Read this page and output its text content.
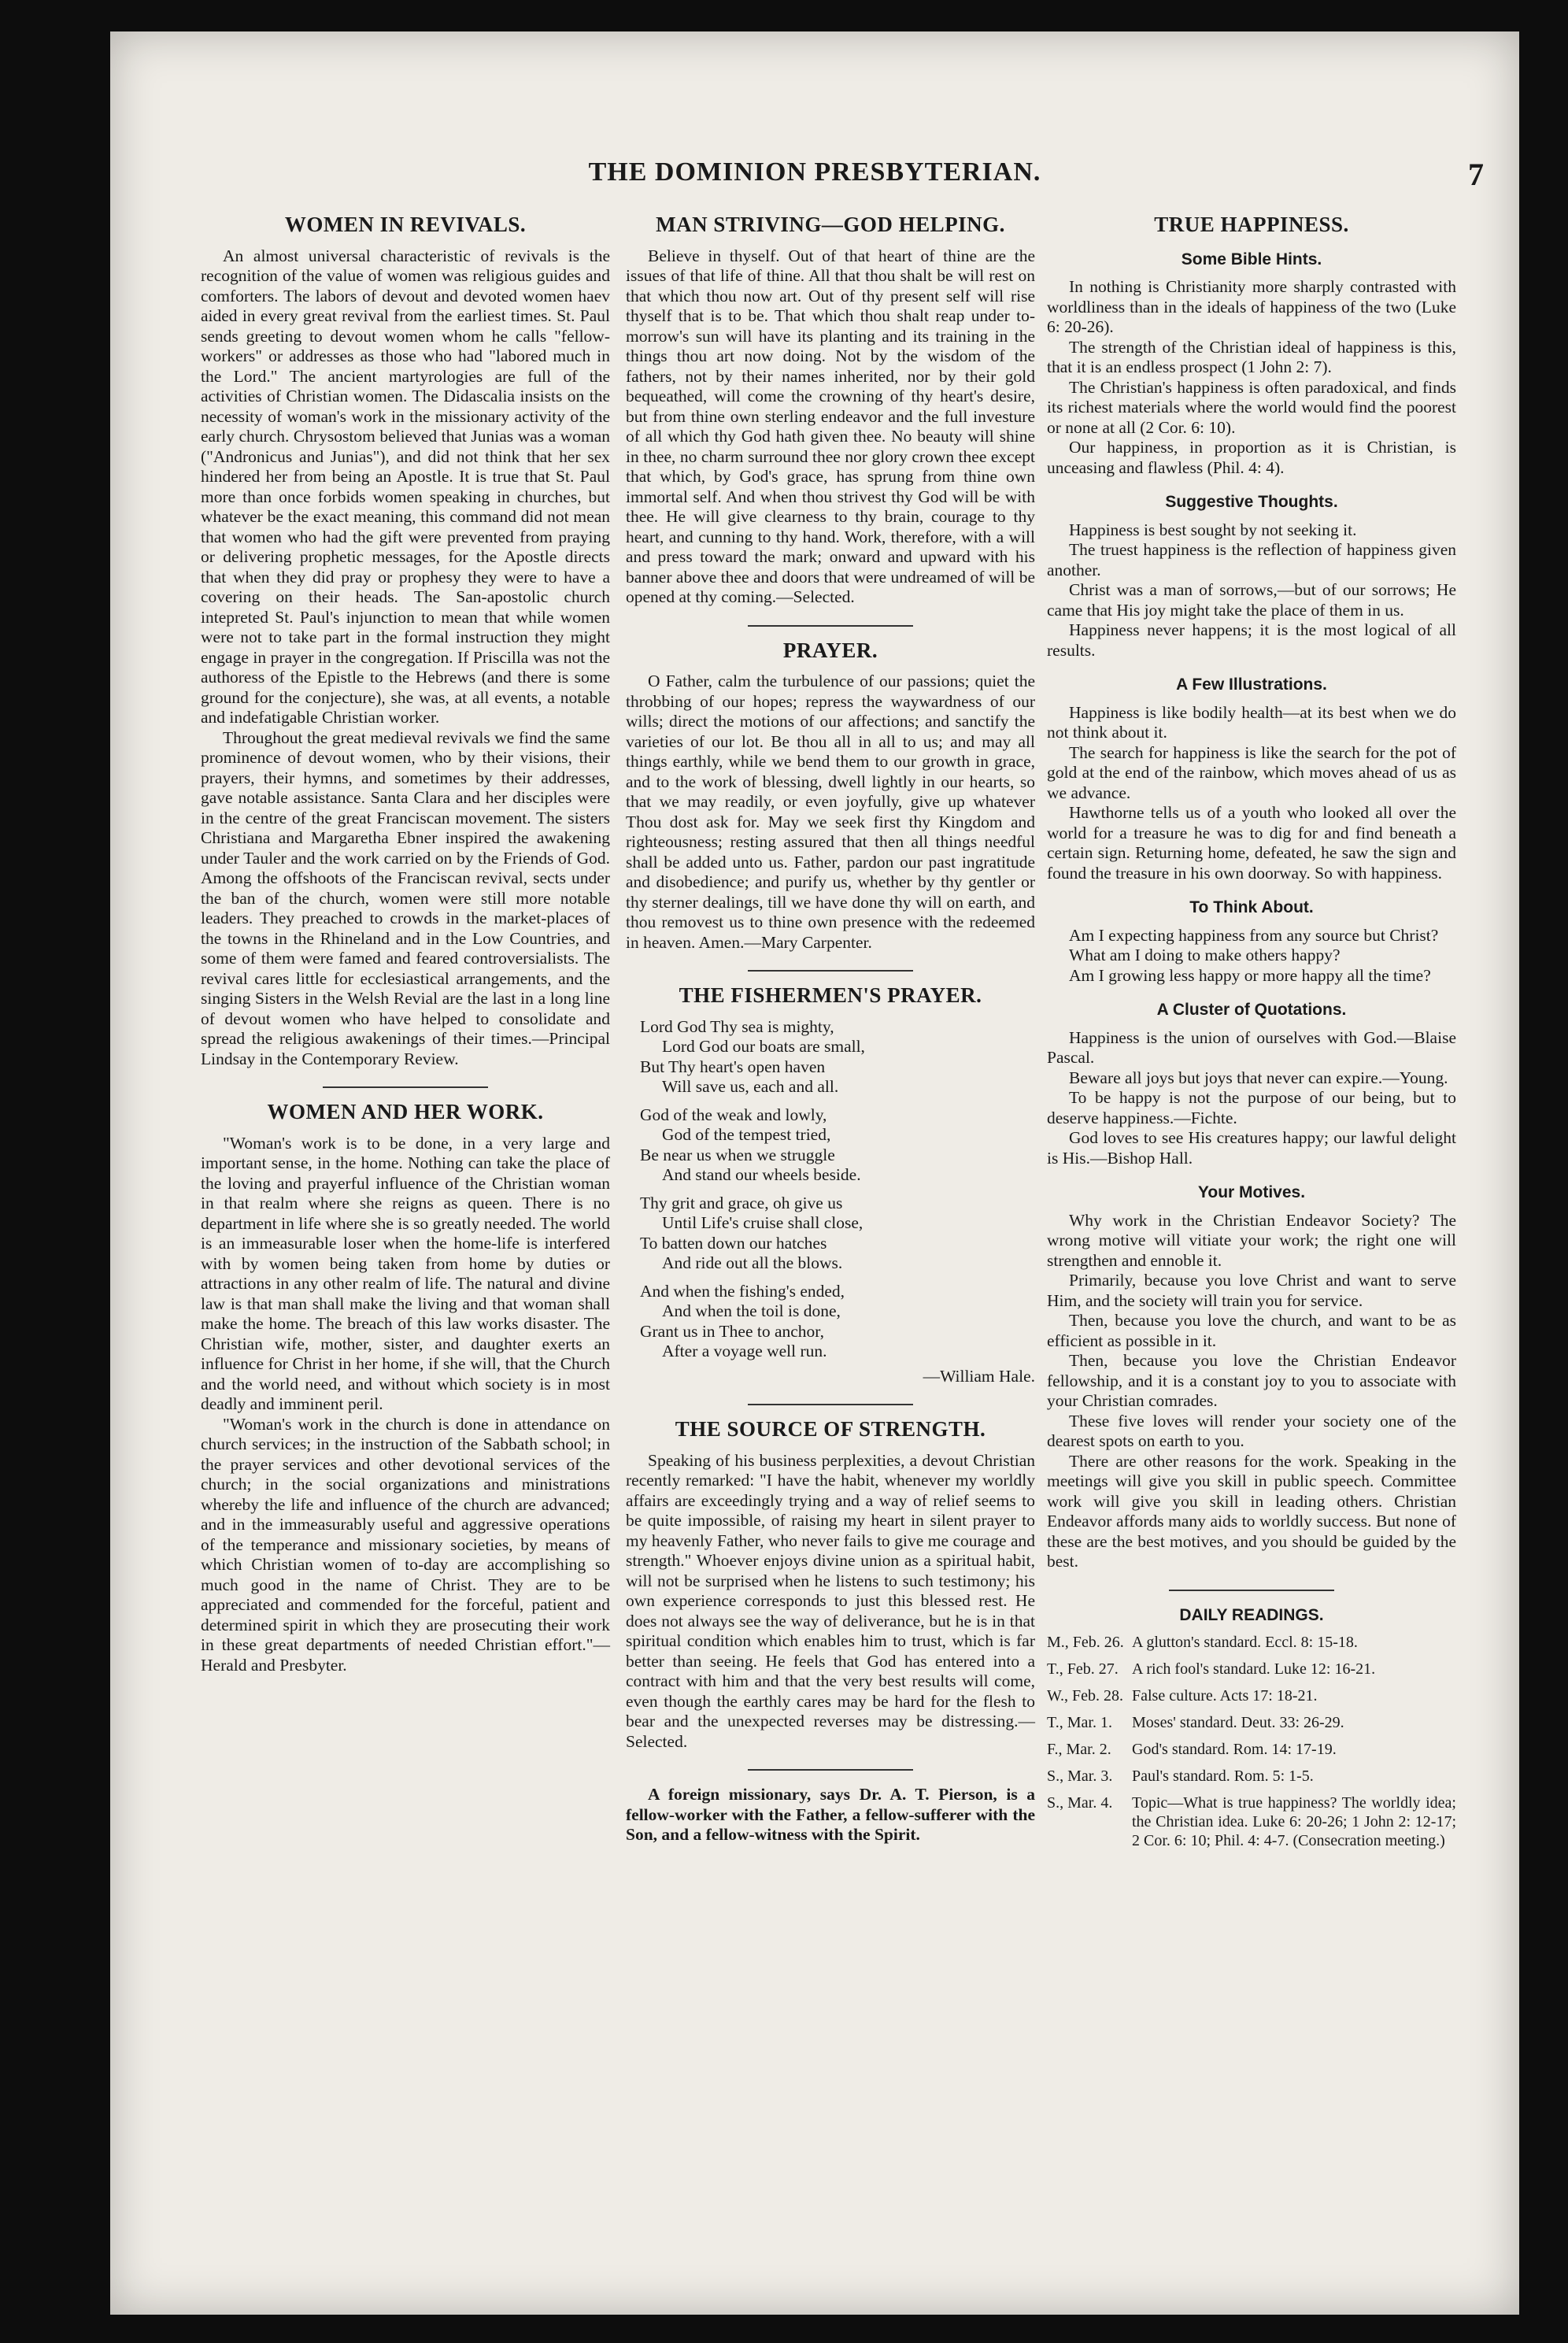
THE DOMINION PRESBYTERIAN.	7
WOMEN IN REVIVALS.

An almost universal characteristic of revivals is the recognition of the value of women was religious guides and comforters. The labors of devout and devoted women haev aided in every great revival from the earliest times. St. Paul sends greeting to devout women whom he calls "fellow-workers" or addresses as those who had "labored much in the Lord." The ancient martyrologies are full of the activities of Christian women. The Didascalia insists on the necessity of woman's work in the missionary activity of the early church. Chrysostom believed that Junias was a woman ("Andronicus and Junias"), and did not think that her sex hindered her from being an Apostle. It is true that St. Paul more than once forbids women speaking in churches, but whatever be the exact meaning, this command did not mean that women who had the gift were prevented from praying or delivering prophetic messages, for the Apostle directs that when they did pray or prophesy they were to have a covering on their heads. The San-apostolic church intepreted St. Paul's injunction to mean that while women were not to take part in the formal instruction they might engage in prayer in the congregation. If Priscilla was not the authoress of the Epistle to the Hebrews (and there is some ground for the conjecture), she was, at all events, a notable and indefatigable Christian worker.

Throughout the great medieval revivals we find the same prominence of devout women, who by their visions, their prayers, their hymns, and sometimes by their addresses, gave notable assistance. Santa Clara and her disciples were in the centre of the great Franciscan movement. The sisters Christiana and Margaretha Ebner inspired the awakening under Tauler and the work carried on by the Friends of God. Among the offshoots of the Franciscan revival, sects under the ban of the church, women were still more notable leaders. They preached to crowds in the market-places of the towns in the Rhineland and in the Low Countries, and some of them were famed and feared controversialists. The revival cares little for ecclesiastical arrangements, and the singing Sisters in the Welsh Revial are the last in a long line of devout women who have helped to consolidate and spread the religious awakenings of their times.—Principal Lindsay in the Contemporary Review.

WOMEN AND HER WORK.

"Woman's work is to be done, in a very large and important sense, in the home. Nothing can take the place of the loving and prayerful influence of the Christian woman in that realm where she reigns as queen. There is no department in life where she is so greatly needed. The world is an immeasurable loser when the home-life is interfered with by women being taken from home by duties or attractions in any other realm of life. The natural and divine law is that man shall make the living and that woman shall make the home. The breach of this law works disaster. The Christian wife, mother, sister, and daughter exerts an influence for Christ in her home, if she will, that the Church and the world need, and without which society is in most deadly and imminent peril.

"Woman's work in the church is done in attendance on church services; in the instruction of the Sabbath school; in the prayer services and other devotional services of the church; in the social organizations and ministrations whereby the life and influence of the church are advanced; and in the immeasurably useful and aggressive operations of the temperance and missionary societies, by means of which Christian women of to-day are accomplishing so much good in the name of Christ. They are to be appreciated and commended for the forceful, patient and determined spirit in which they are prosecuting their work in these great departments of needed Christian effort."—Herald and Presbyter.

MAN STRIVING—GOD HELPING.

Believe in thyself. Out of that heart of thine are the issues of that life of thine. All that thou shalt be will rest on that which thou now art. Out of thy present self will rise thyself that is to be. That which thou shalt reap under to-morrow's sun will have its planting and its training in the things thou art now doing. Not by the wisdom of the fathers, not by their names inherited, nor by their gold bequeathed, will come the crowning of thy heart's desire, but from thine own sterling endeavor and the full investure of all which thy God hath given thee. No beauty will shine in thee, no charm surround thee nor glory crown thee except that which, by God's grace, has sprung from thine own immortal self. And when thou strivest thy God will be with thee. He will give clearness to thy brain, courage to thy heart, and cunning to thy hand. Work, therefore, with a will and press toward the mark; onward and upward with his banner above thee and doors that were undreamed of will be opened at thy coming.—Selected.

PRAYER.

O Father, calm the turbulence of our passions; quiet the throbbing of our hopes; repress the waywardness of our wills; direct the motions of our affections; and sanctify the varieties of our lot. Be thou all in all to us; and may all things earthly, while we bend them to our growth in grace, and to the work of blessing, dwell lightly in our hearts, so that we may readily, or even joyfully, give up whatever Thou dost ask for. May we seek first thy Kingdom and righteousness; resting assured that then all things needful shall be added unto us. Father, pardon our past ingratitude and disobedience; and purify us, whether by thy gentler or thy sterner dealings, till we have done thy will on earth, and thou removest us to thine own presence with the redeemed in heaven. Amen.—Mary Carpenter.

THE FISHERMEN'S PRAYER.
Lord God Thy sea is mighty,
Lord God our boats are small,
But Thy heart's open haven
Will save us, each and all.
God of the weak and lowly,
God of the tempest tried,
Be near us when we struggle
And stand our wheels beside.
Thy grit and grace, oh give us
Until Life's cruise shall close,
To batten down our hatches
And ride out all the blows.
And when the fishing's ended,
And when the toil is done,
Grant us in Thee to anchor,
After a voyage well run.
—William Hale.
THE SOURCE OF STRENGTH.

Speaking of his business perplexities, a devout Christian recently remarked: "I have the habit, whenever my worldly affairs are exceedingly trying and a way of relief seems to be quite impossible, of raising my heart in silent prayer to my heavenly Father, who never fails to give me courage and strength." Whoever enjoys divine union as a spiritual habit, will not be surprised when he listens to such testimony; his own experience corresponds to just this blessed rest. He does not always see the way of deliverance, but he is in that spiritual condition which enables him to trust, which is far better than seeing. He feels that God has entered into a contract with him and that the very best results will come, even though the earthly cares may be hard for the flesh to bear and the unexpected reverses may be distressing.—Selected.

A foreign missionary, says Dr. A. T. Pierson, is a fellow-worker with the Father, a fellow-sufferer with the Son, and a fellow-witness with the Spirit.

TRUE HAPPINESS.
Some Bible Hints.

In nothing is Christianity more sharply contrasted with worldliness than in the ideals of happiness of the two (Luke 6: 20-26).

The strength of the Christian ideal of happiness is this, that it is an endless prospect (1 John 2: 7).

The Christian's happiness is often paradoxical, and finds its richest materials where the world would find the poorest or none at all (2 Cor. 6: 10).

Our happiness, in proportion as it is Christian, is unceasing and flawless (Phil. 4: 4).

Suggestive Thoughts.

Happiness is best sought by not seeking it.

The truest happiness is the reflection of happiness given another.

Christ was a man of sorrows,—but of our sorrows; He came that His joy might take the place of them in us.

Happiness never happens; it is the most logical of all results.

A Few Illustrations.

Happiness is like bodily health—at its best when we do not think about it.

The search for happiness is like the search for the pot of gold at the end of the rainbow, which moves ahead of us as we advance.

Hawthorne tells us of a youth who looked all over the world for a treasure he was to dig for and find beneath a certain sign. Returning home, defeated, he saw the sign and found the treasure in his own doorway. So with happiness.

To Think About.

Am I expecting happiness from any source but Christ?

What am I doing to make others happy?

Am I growing less happy or more happy all the time?

A Cluster of Quotations.

Happiness is the union of ourselves with God.—Blaise Pascal.

Beware all joys but joys that never can expire.—Young.

To be happy is not the purpose of our being, but to deserve happiness.—Fichte.

God loves to see His creatures happy; our lawful delight is His.—Bishop Hall.

Your Motives.

Why work in the Christian Endeavor Society? The wrong motive will vitiate your work; the right one will strengthen and ennoble it.

Primarily, because you love Christ and want to serve Him, and the society will train you for service.

Then, because you love the church, and want to be as efficient as possible in it.

Then, because you love the Christian Endeavor fellowship, and it is a constant joy to you to associate with your Christian comrades.

These five loves will render your society one of the dearest spots on earth to you.

There are other reasons for the work. Speaking in the meetings will give you skill in public speech. Committee work will give you skill in leading others. Christian Endeavor affords many aids to worldly success. But none of these are the best motives, and you should be guided by the best.

DAILY READINGS.
M., Feb. 26. A glutton's standard. Eccl. 8: 15-18.
T., Feb. 27. A rich fool's standard. Luke 12: 16-21.
W., Feb. 28. False culture. Acts 17: 18-21.
T., Mar. 1.	Moses' standard. Deut. 33: 26-29.
F., Mar. 2.	God's standard. Rom. 14: 17-19.
S., Mar. 3.	Paul's standard. Rom. 5: 1-5.
S., Mar. 4.	Topic—What is true happiness? The worldly idea; the Christian idea. Luke 6: 20-26; 1 John 2: 12-17; 2 Cor. 6: 10; Phil. 4: 4-7. (Consecration meeting.)
